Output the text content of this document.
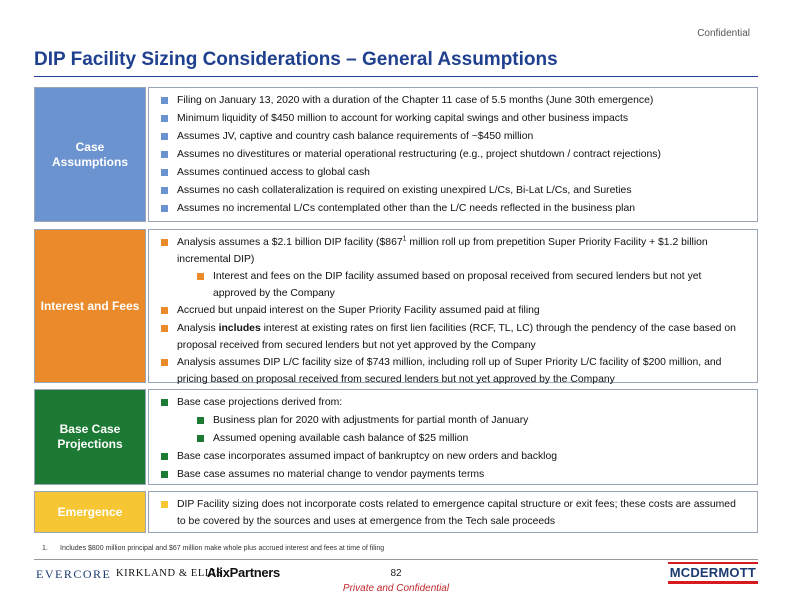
Confidential
DIP Facility Sizing Considerations – General Assumptions
Case
Assumptions
Filing on January 13, 2020 with a duration of the Chapter 11 case of 5.5 months (June 30th emergence)
Minimum liquidity of $450 million to account for working capital swings and other business impacts
Assumes JV, captive and country cash balance requirements of ~$450 million
Assumes no divestitures or material operational restructuring (e.g., project shutdown / contract rejections)
Assumes continued access to global cash
Assumes no cash collateralization is required on existing unexpired L/Cs, Bi-Lat L/Cs, and Sureties
Assumes no incremental L/Cs contemplated other than the L/C needs reflected in the business plan
Interest and Fees
Analysis assumes a $2.1 billion DIP facility ($\$867^1$ million roll up from prepetition Super Priority Facility + $1.2 billion incremental DIP)
Interest and fees on the DIP facility assumed based on proposal received from secured lenders but not yet approved by the Company
Accrued but unpaid interest on the Super Priority Facility assumed paid at filing
Analysis includes interest at existing rates on first lien facilities (RCF, TL, LC) through the pendency of the case based on proposal received from secured lenders but not yet approved by the Company
Analysis assumes DIP L/C facility size of $743 million, including roll up of Super Priority L/C facility of $200 million, and pricing based on proposal received from secured lenders but not yet approved by the Company
Base Case
Projections
Base case projections derived from:
Business plan for 2020 with adjustments for partial month of January
Assumed opening available cash balance of $25 million
Base case incorporates assumed impact of bankruptcy on new orders and backlog
Base case assumes no material change to vendor payments terms
Emergence	DIP Facility sizing does not incorporate costs related to emergence capital structure or exit fees; these costs are assumed to be covered by the sources and uses at emergence from the Tech sale proceeds
1. Includes $800 million principal and $67 million make whole plus accrued interest and fees at time of filing
EVERCORE KIRKLAND & ELLIS
AlixPartners	82
Private and Confidential
MCDERMOTT
